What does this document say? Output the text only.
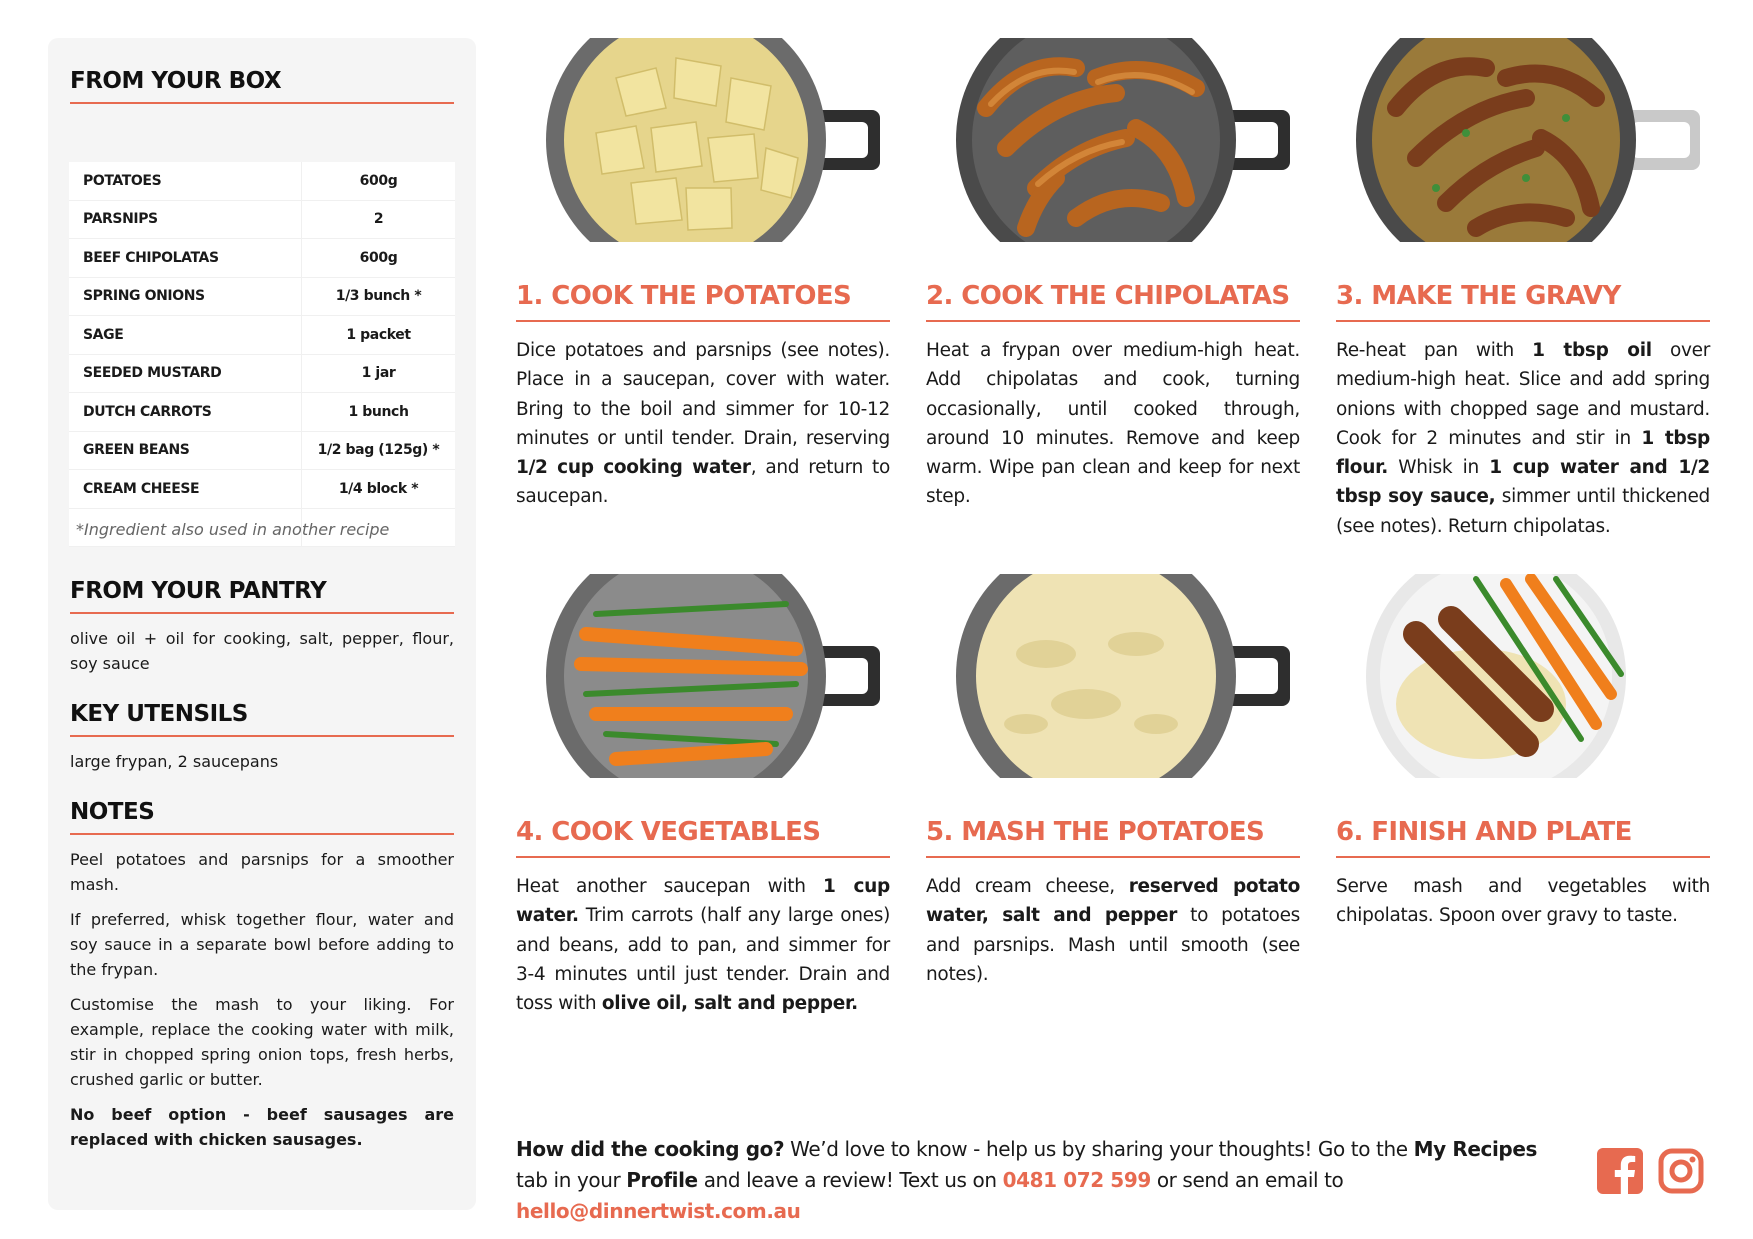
FROM YOUR BOX
POTATOES	600g
PARSNIPS	2
BEEF CHIPOLATAS	600g
SPRING ONIONS	1/3 bunch *
SAGE	1 packet
SEEDED MUSTARD	1 jar
DUTCH CARROTS	1 bunch
GREEN BEANS	1/2 bag (125g) *
CREAM CHEESE	1/4 block *

*Ingredient also used in another recipe
FROM YOUR PANTRY
olive oil + oil for cooking, salt, pepper, flour, soy sauce
KEY UTENSILS
large frypan, 2 saucepans
NOTES

Peel potatoes and parsnips for a smoother mash.

If preferred, whisk together flour, water and soy sauce in a separate bowl before adding to the frypan.

Customise the mash to your liking. For example, replace the cooking water with milk, stir in chopped spring onion tops, fresh herbs, crushed garlic or butter.

No beef option - beef sausages are replaced with chicken sausages.

1. COOK THE POTATOES
Dice potatoes and parsnips (see notes). Place in a saucepan, cover with water. Bring to the boil and simmer for 10-12 minutes or until tender. Drain, reserving 1/2 cup cooking water, and return to saucepan.
2. COOK THE CHIPOLATAS
Heat a frypan over medium-high heat. Add chipolatas and cook, turning occasionally, until cooked through, around 10 minutes. Remove and keep warm. Wipe pan clean and keep for next step.
3. MAKE THE GRAVY
Re-heat pan with 1 tbsp oil over medium-high heat. Slice and add spring onions with chopped sage and mustard. Cook for 2 minutes and stir in 1 tbsp flour. Whisk in 1 cup water and 1/2 tbsp soy sauce, simmer until thickened (see notes). Return chipolatas.
4. COOK VEGETABLES
Heat another saucepan with 1 cup water. Trim carrots (half any large ones) and beans, add to pan, and simmer for 3-4 minutes until just tender. Drain and toss with olive oil, salt and pepper.
5. MASH THE POTATOES
Add cream cheese, reserved potato water, salt and pepper to potatoes and parsnips. Mash until smooth (see notes).
6. FINISH AND PLATE
Serve mash and vegetables with chipolatas. Spoon over gravy to taste.
How did the cooking go? We’d love to know - help us by sharing your thoughts! Go to the My Recipes tab in your Profile and leave a review! Text us on 0481 072 599 or send an email to hello@dinnertwist.com.au
